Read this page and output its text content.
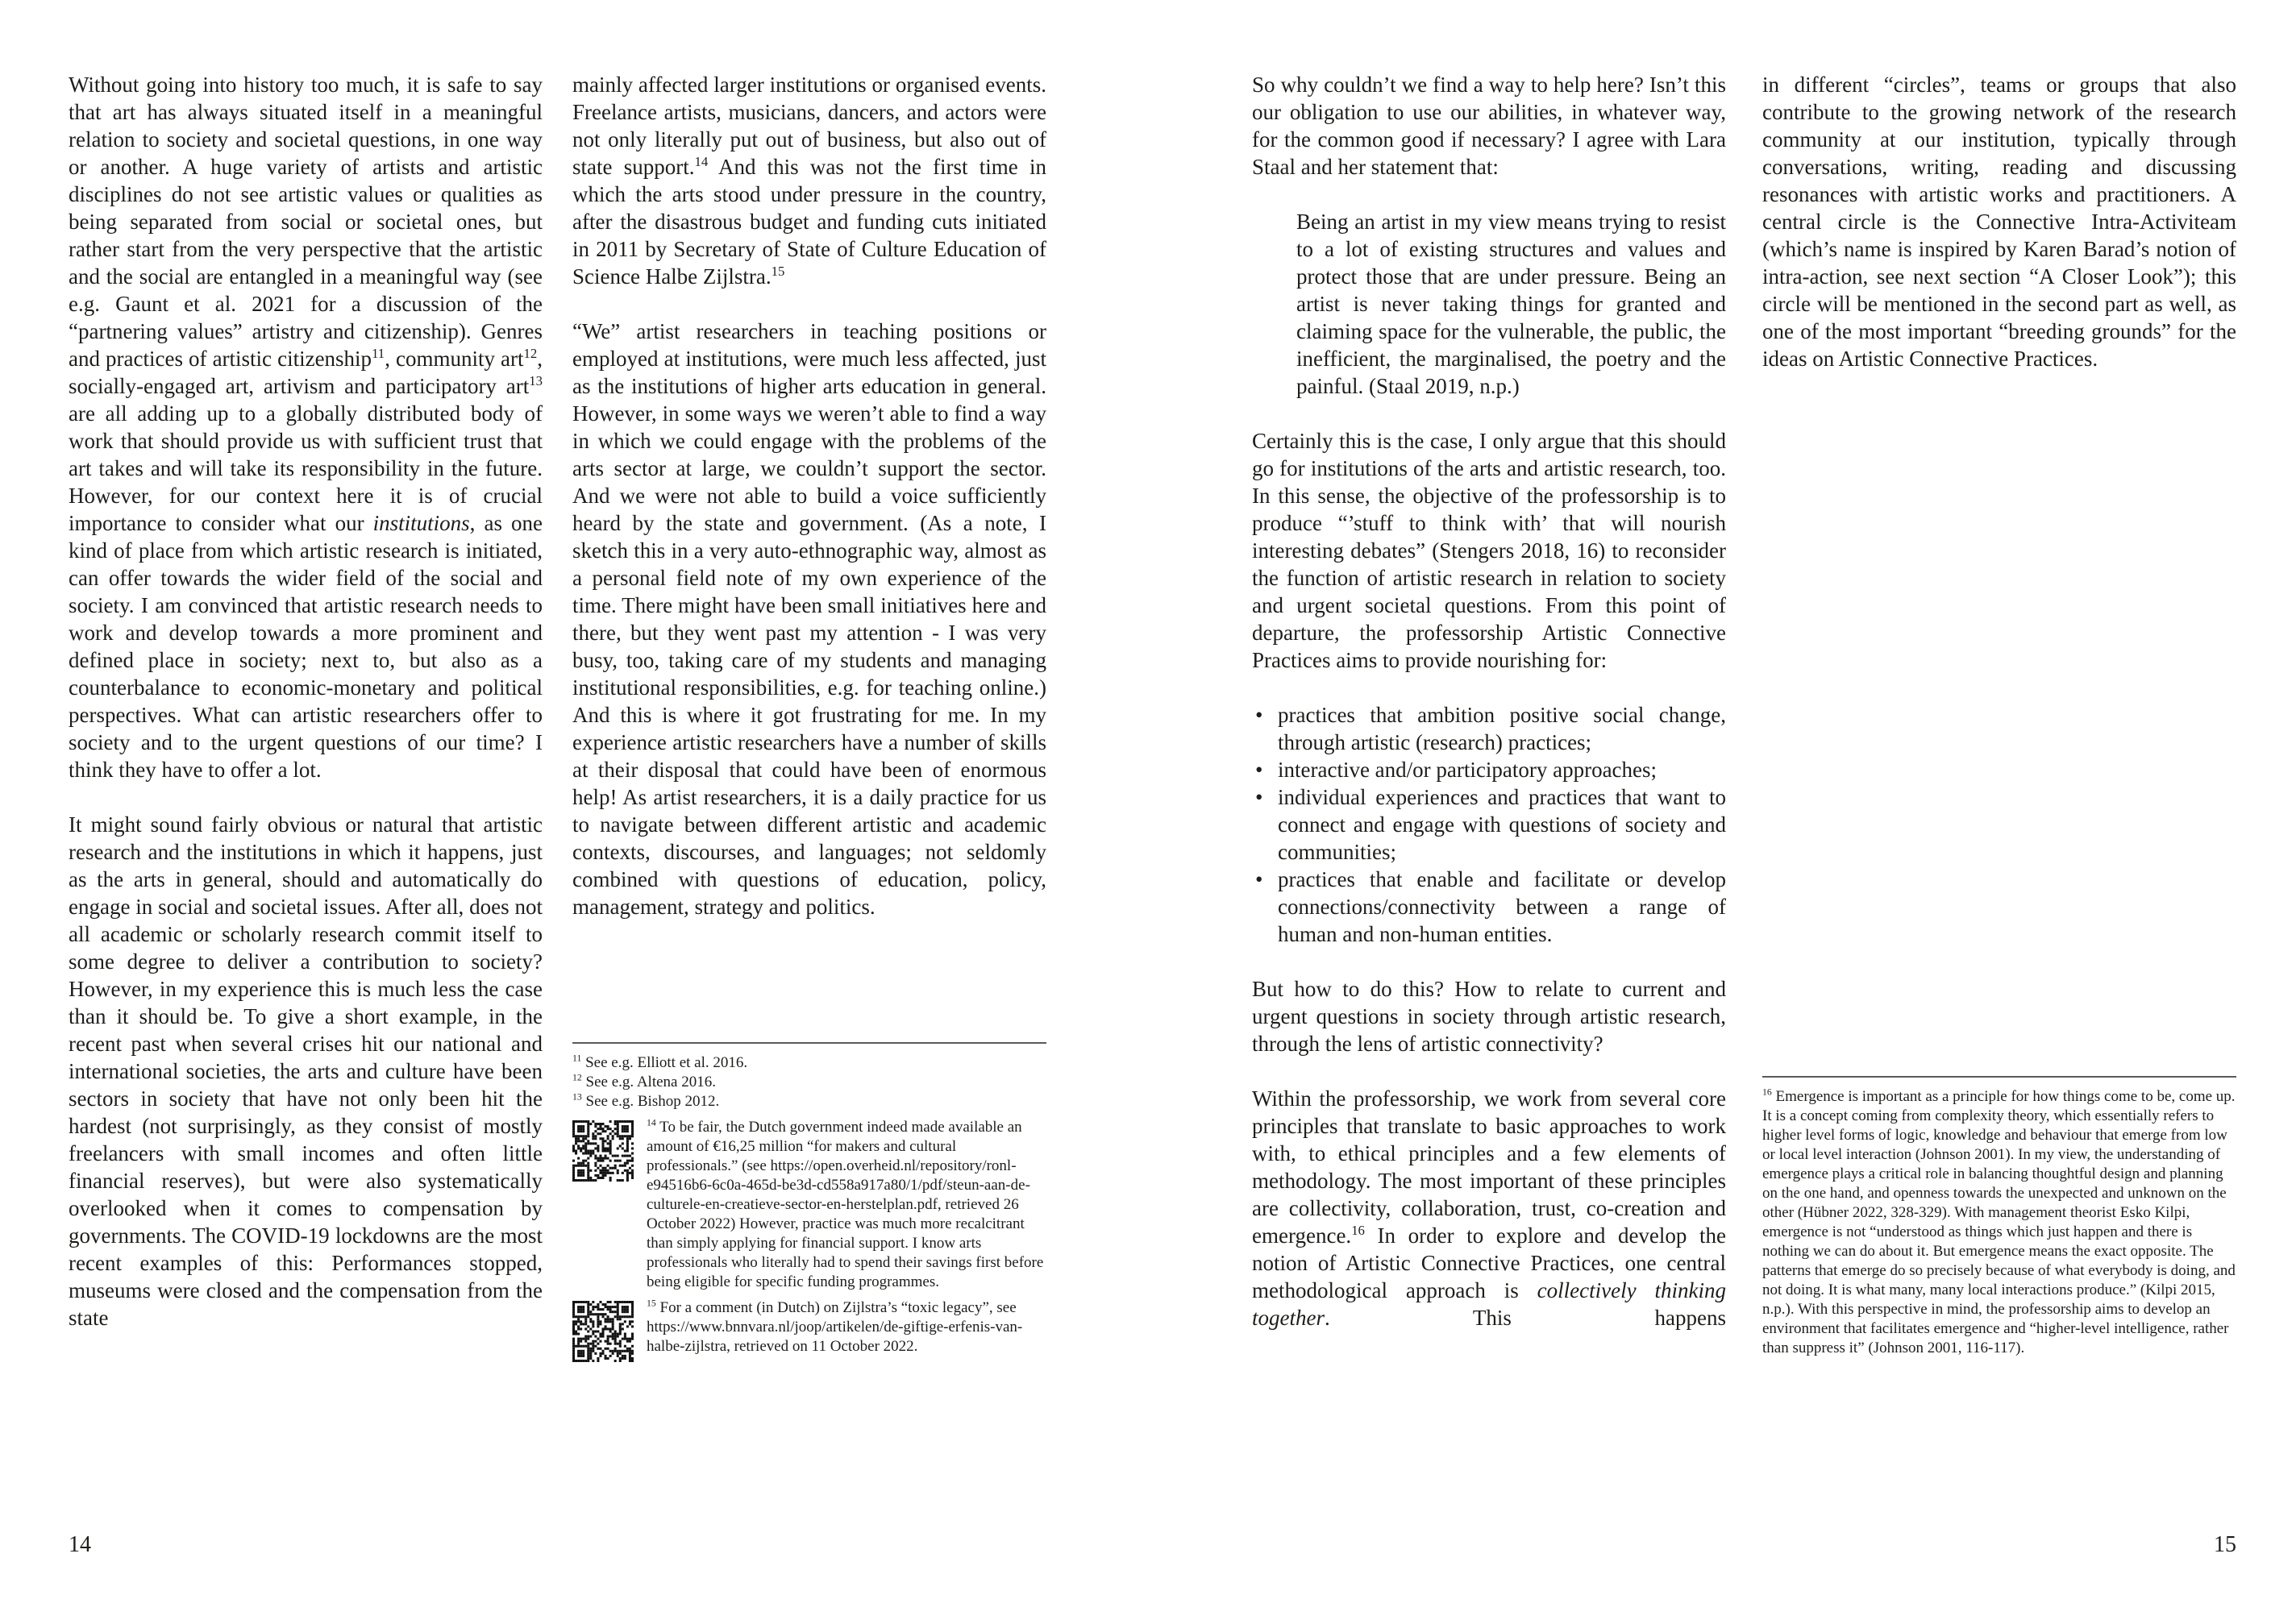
Without going into history too much, it is safe to say that art has always situated itself in a meaningful relation to society and societal questions, in one way or another. A huge variety of artists and artistic disciplines do not see artistic values or qualities as being separated from social or societal ones, but rather start from the very perspective that the artistic and the social are entangled in a meaningful way (see e.g. Gaunt et al. 2021 for a discussion of the “partnering values” artistry and citizenship). Genres and practices of artistic citizenship$^{11}$, community art$^{12}$, socially-engaged art, artivism and participatory art$^{13}$ are all adding up to a globally distributed body of work that should provide us with sufficient trust that art takes and will take its responsibility in the future. However, for our context here it is of crucial importance to consider what our institutions, as one kind of place from which artistic research is initiated, can offer towards the wider field of the social and society. I am convinced that artistic research needs to work and develop towards a more prominent and defined place in society; next to, but also as a counterbalance to economic-monetary and political perspectives. What can artistic researchers offer to society and to the urgent questions of our time? I think they have to offer a lot.

It might sound fairly obvious or natural that artistic research and the institutions in which it happens, just as the arts in general, should and automatically do engage in social and societal issues. After all, does not all academic or scholarly research commit itself to some degree to deliver a contribution to society? However, in my experience this is much less the case than it should be. To give a short example, in the recent past when several crises hit our national and international societies, the arts and culture have been sectors in society that have not only been hit the hardest (not surprisingly, as they consist of mostly freelancers with small incomes and often little financial reserves), but were also systematically overlooked when it comes to compensation by governments. The COVID-19 lockdowns are the most recent examples of this: Performances stopped, museums were closed and the compensation from the state

mainly affected larger institutions or organised events. Freelance artists, musicians, dancers, and actors were not only literally put out of business, but also out of state support.$^{14}$ And this was not the first time in which the arts stood under pressure in the country, after the disastrous budget and funding cuts initiated in 2011 by Secretary of State of Culture Education of Science Halbe Zijlstra.$^{15}$

“We” artist researchers in teaching positions or employed at institutions, were much less affected, just as the institutions of higher arts education in general. However, in some ways we weren’t able to find a way in which we could engage with the problems of the arts sector at large, we couldn’t support the sector. And we were not able to build a voice sufficiently heard by the state and government. (As a note, I sketch this in a very auto-ethnographic way, almost as a personal field note of my own experience of the time. There might have been small initiatives here and there, but they went past my attention - I was very busy, too, taking care of my students and managing institutional responsibilities, e.g. for teaching online.) And this is where it got frustrating for me. In my experience artistic researchers have a number of skills at their disposal that could have been of enormous help! As artist researchers, it is a daily practice for us to navigate between different artistic and academic contexts, discourses, and languages; not seldomly combined with questions of education, policy, management, strategy and politics.

$^{11}$ See e.g. Elliott et al. 2016.

$^{12}$ See e.g. Altena 2016.

$^{13}$ See e.g. Bishop 2012.

$^{14}$ To be fair, the Dutch government indeed made available an amount of €16,25 million “for makers and cultural professionals.” (see https://open.overheid.nl/repository/ronl-e94516b6-6c0a-465d-be3d-cd558a917a80/1/pdf/steun-aan-de-culturele-en-creatieve-sector-en-herstelplan.pdf, retrieved 26 October 2022) However, practice was much more recalcitrant than simply applying for financial support. I know arts professionals who literally had to spend their savings first before being eligible for specific funding programmes.

$^{15}$ For a comment (in Dutch) on Zijlstra’s “toxic legacy”, see https://www.bnnvara.nl/joop/artikelen/de-giftige-erfenis-van-halbe-zijlstra, retrieved on 11 October 2022.

14

So why couldn’t we find a way to help here? Isn’t this our obligation to use our abilities, in whatever way, for the common good if necessary? I agree with Lara Staal and her statement that:

Being an artist in my view means trying to resist to a lot of existing structures and values and protect those that are under pressure. Being an artist is never taking things for granted and claiming space for the vulnerable, the public, the inefficient, the marginalised, the poetry and the painful. (Staal 2019, n.p.)

Certainly this is the case, I only argue that this should go for institutions of the arts and artistic research, too. In this sense, the objective of the professorship is to produce “’stuff to think with’ that will nourish interesting debates” (Stengers 2018, 16) to reconsider the function of artistic research in relation to society and urgent societal questions. From this point of departure, the professorship Artistic Connective Practices aims to provide nourishing for:

• practices that ambition positive social change, through artistic (research) practices;
• interactive and/or participatory approaches;
• individual experiences and practices that want to connect and engage with questions of society and communities;
• practices that enable and facilitate or develop connections/connectivity between a range of human and non-human entities.

But how to do this? How to relate to current and urgent questions in society through artistic research, through the lens of artistic connectivity?

Within the professorship, we work from several core principles that translate to basic approaches to work with, to ethical principles and a few elements of methodology. The most important of these principles are collectivity, collaboration, trust, co-creation and emergence.$^{16}$ In order to explore and develop the notion of Artistic Connective Practices, one central methodological approach is collectively thinking together. This happens

in different “circles”, teams or groups that also contribute to the growing network of the research community at our institution, typically through conversations, writing, reading and discussing resonances with artistic works and practitioners. A central circle is the Connective Intra-Activiteam (which’s name is inspired by Karen Barad’s notion of intra-action, see next section “A Closer Look”); this circle will be mentioned in the second part as well, as one of the most important “breeding grounds” for the ideas on Artistic Connective Practices.

$^{16}$ Emergence is important as a principle for how things come to be, come up. It is a concept coming from complexity theory, which essentially refers to higher level forms of logic, knowledge and behaviour that emerge from low or local level interaction (Johnson 2001). In my view, the understanding of emergence plays a critical role in balancing thoughtful design and planning on the one hand, and openness towards the unexpected and unknown on the other (Hübner 2022, 328-329). With management theorist Esko Kilpi, emergence is not “understood as things which just happen and there is nothing we can do about it. But emergence means the exact opposite. The patterns that emerge do so precisely because of what everybody is doing, and not doing. It is what many, many local interactions produce.” (Kilpi 2015, n.p.). With this perspective in mind, the professorship aims to develop an environment that facilitates emergence and “higher-level intelligence, rather than suppress it” (Johnson 2001, 116-117).

15
